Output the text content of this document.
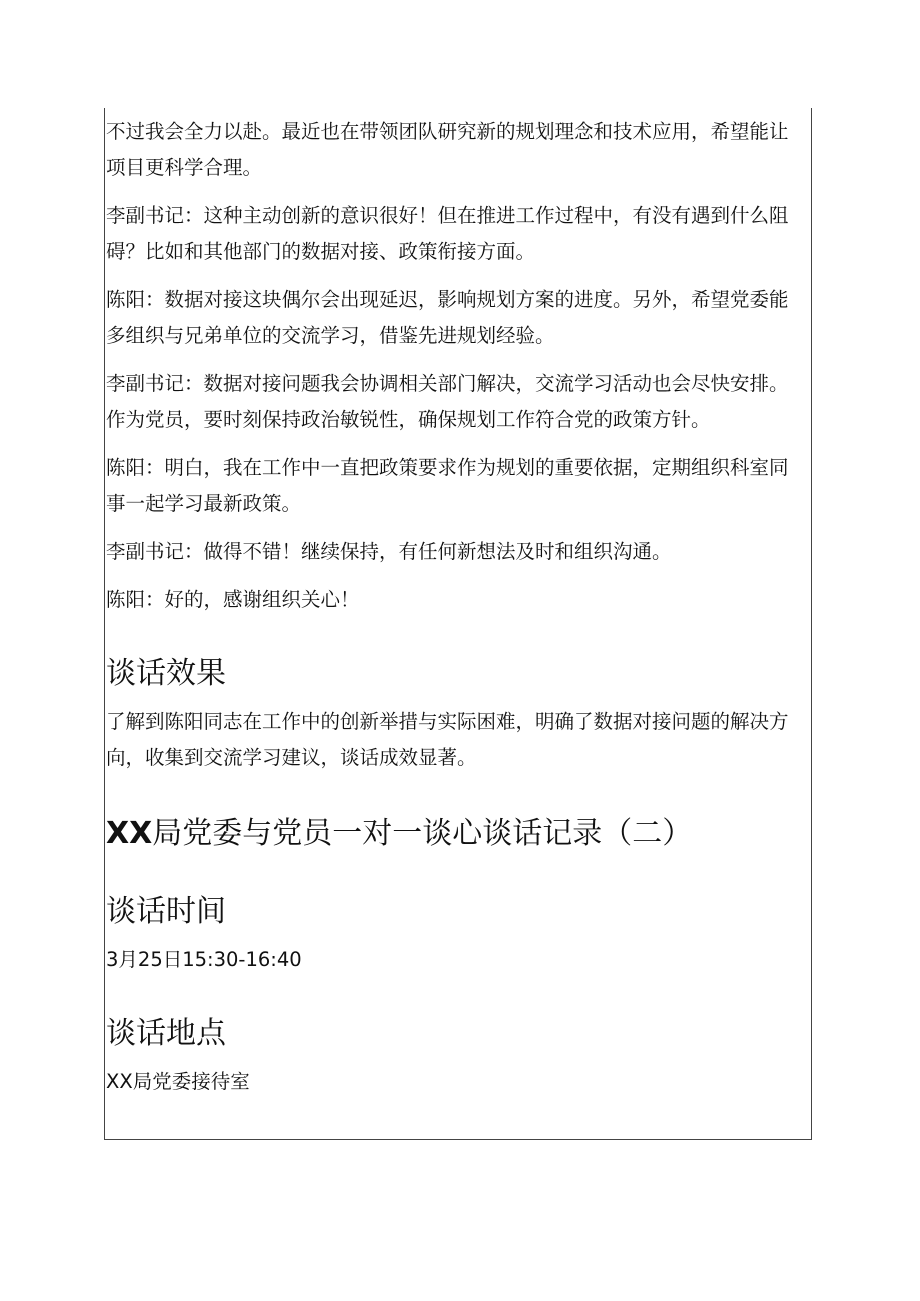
不过我会全力以赴。最近也在带领团队研究新的规划理念和技术应用，希望能让项目更科学合理。

李副书记：这种主动创新的意识很好！但在推进工作过程中，有没有遇到什么阻碍？比如和其他部门的数据对接、政策衔接方面。

陈阳：数据对接这块偶尔会出现延迟，影响规划方案的进度。另外，希望党委能多组织与兄弟单位的交流学习，借鉴先进规划经验。

李副书记：数据对接问题我会协调相关部门解决，交流学习活动也会尽快安排。作为党员，要时刻保持政治敏锐性，确保规划工作符合党的政策方针。

陈阳：明白，我在工作中一直把政策要求作为规划的重要依据，定期组织科室同事一起学习最新政策。

李副书记：做得不错！继续保持，有任何新想法及时和组织沟通。

陈阳：好的，感谢组织关心！

谈话效果

了解到陈阳同志在工作中的创新举措与实际困难，明确了数据对接问题的解决方向，收集到交流学习建议，谈话成效显著。

XX局党委与党员一对一谈心谈话记录（二）
谈话时间

3月25日15:30-16:40

谈话地点

XX局党委接待室
